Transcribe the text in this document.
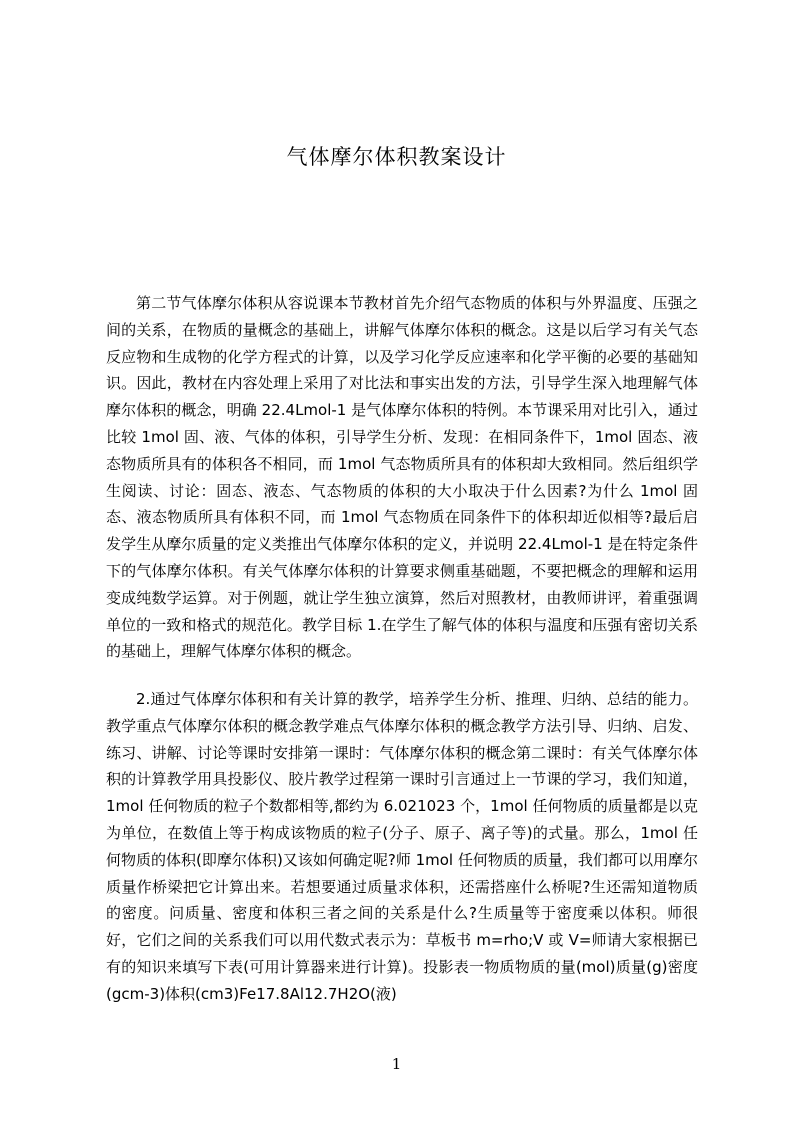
气体摩尔体积教案设计

第二节气体摩尔体积从容说课本节教材首先介绍气态物质的体积与外界温度、压强之间的关系，在物质的量概念的基础上，讲解气体摩尔体积的概念。这是以后学习有关气态反应物和生成物的化学方程式的计算，以及学习化学反应速率和化学平衡的必要的基础知识。因此，教材在内容处理上采用了对比法和事实出发的方法，引导学生深入地理解气体摩尔体积的概念，明确 22.4Lmol-1 是气体摩尔体积的特例。本节课采用对比引入，通过比较 1mol 固、液、气体的体积，引导学生分析、发现：在相同条件下，1mol 固态、液态物质所具有的体积各不相同，而 1mol 气态物质所具有的体积却大致相同。然后组织学生阅读、讨论：固态、液态、气态物质的体积的大小取决于什么因素?为什么 1mol 固态、液态物质所具有体积不同，而 1mol 气态物质在同条件下的体积却近似相等?最后启发学生从摩尔质量的定义类推出气体摩尔体积的定义，并说明 22.4Lmol-1 是在特定条件下的气体摩尔体积。有关气体摩尔体积的计算要求侧重基础题，不要把概念的理解和运用变成纯数学运算。对于例题，就让学生独立演算，然后对照教材，由教师讲评，着重强调单位的一致和格式的规范化。教学目标 1.在学生了解气体的体积与温度和压强有密切关系的基础上，理解气体摩尔体积的概念。

2.通过气体摩尔体积和有关计算的教学，培养学生分析、推理、归纳、总结的能力。教学重点气体摩尔体积的概念教学难点气体摩尔体积的概念教学方法引导、归纳、启发、练习、讲解、讨论等课时安排第一课时：气体摩尔体积的概念第二课时：有关气体摩尔体积的计算教学用具投影仪、胶片教学过程第一课时引言通过上一节课的学习，我们知道，1mol 任何物质的粒子个数都相等,都约为 6.021023 个，1mol 任何物质的质量都是以克为单位，在数值上等于构成该物质的粒子(分子、原子、离子等)的式量。那么，1mol 任何物质的体积(即摩尔体积)又该如何确定呢?师 1mol 任何物质的质量，我们都可以用摩尔质量作桥梁把它计算出来。若想要通过质量求体积，还需搭座什么桥呢?生还需知道物质的密度。问质量、密度和体积三者之间的关系是什么?生质量等于密度乘以体积。师很好，它们之间的关系我们可以用代数式表示为：草板书 m=rho;V 或 V=师请大家根据已有的知识来填写下表(可用计算器来进行计算)。投影表一物质物质的量(mol)质量(g)密度(gcm-3)体积(cm3)Fe17.8Al12.7H2O(液)

1
